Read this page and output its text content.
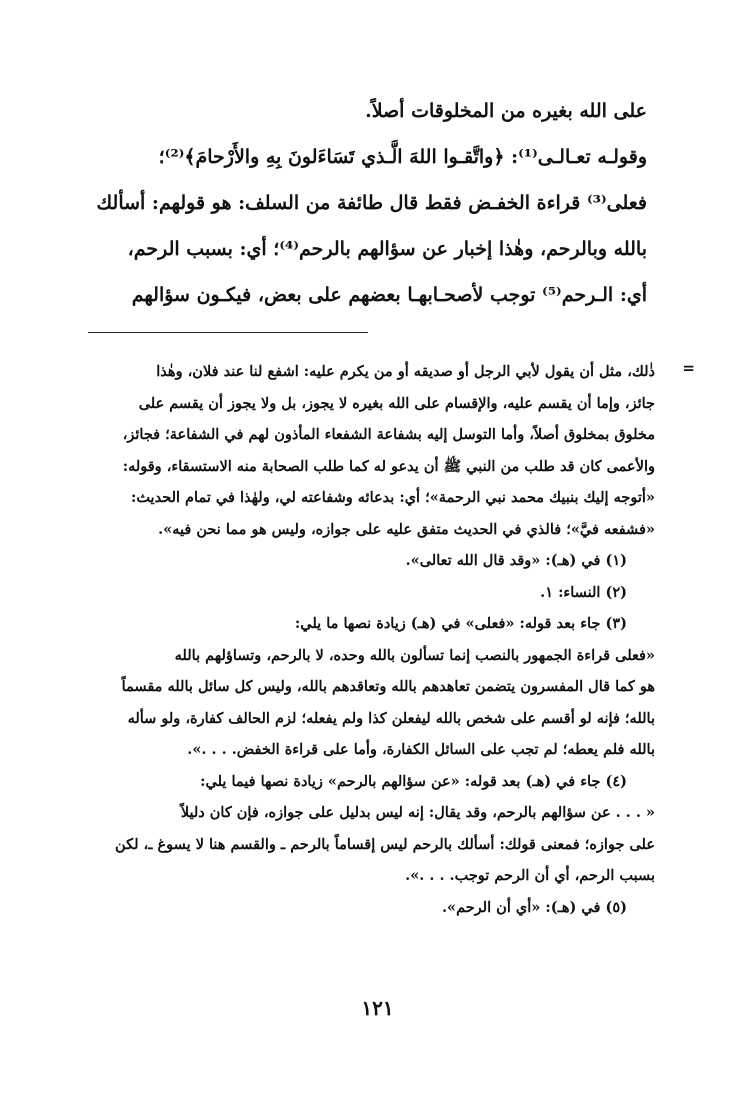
على الله بغيره من المخلوقات أصلاً.

وقولـه تعـالـى⁽¹⁾: ﴿واتَّقـوا اللهَ الَّـذي تَسَاءَلونَ بِهِ والأَرْحامَ﴾⁽²⁾؛

فعلى⁽³⁾ قراءة الخفـض فقط قال طائفة من السلف: هو قولهم: أسألك

بالله وبالرحم، وهٰذا إخبار عن سؤالهم بالرحم⁽⁴⁾؛ أي: بسبب الرحم،

أي: الـرحم⁽⁵⁾ توجب لأصحـابهـا بعضهم على بعض، فيكـون سؤالهم

=

ذٰلك، مثل أن يقول لأبي الرجل أو صديقه أو من يكرم عليه: اشفع لنا عند فلان، وهٰذا

جائز، وإما أن يقسم عليه، والإقسام على الله بغيره لا يجوز، بل ولا يجوز أن يقسم على

مخلوق بمخلوق أصلاً، وأما التوسل إليه بشفاعة الشفعاء المأذون لهم في الشفاعة؛ فجائز،

والأعمى كان قد طلب من النبي ﷺ أن يدعو له كما طلب الصحابة منه الاستسقاء، وقوله:

«أتوجه إليك بنبيك محمد نبي الرحمة»؛ أي: بدعائه وشفاعته لي، ولهٰذا في تمام الحديث:

«فشفعه فيَّ»؛ فالذي في الحديث متفق عليه على جوازه، وليس هو مما نحن فيه».

(١) في (هـ): «وقد قال الله تعالى».

(٢) النساء: ١.

(٣) جاء بعد قوله: «فعلى» في (هـ) زيادة نصها ما يلي:

«فعلى قراءة الجمهور بالنصب إنما تسألون بالله وحده، لا بالرحم، وتساؤلهم بالله

هو كما قال المفسرون يتضمن تعاهدهم بالله وتعاقدهم بالله، وليس كل سائل بالله مقسماً

بالله؛ فإنه لو أقسم على شخص بالله ليفعلن كذا ولم يفعله؛ لزم الحالف كفارة، ولو سأله

بالله فلم يعطه؛ لم تجب على السائل الكفارة، وأما على قراءة الخفض. . . .».

(٤) جاء في (هـ) بعد قوله: «عن سؤالهم بالرحم» زيادة نصها فيما يلي:

« . . . عن سؤالهم بالرحم، وقد يقال: إنه ليس بدليل على جوازه، فإن كان دليلاً

على جوازه؛ فمعنى قولك: أسألك بالرحم ليس إقساماً بالرحم ـ والقسم هنا لا يسوغ ـ، لكن

بسبب الرحم، أي أن الرحم توجب. . . .».

(٥) في (هـ): «أي أن الرحم».

١٢١
